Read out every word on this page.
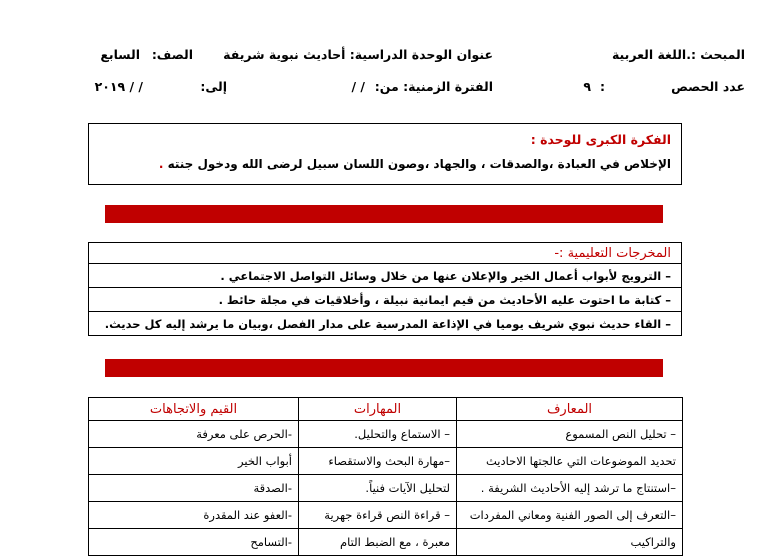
المبحث :.اللغة العربية
عنوان الوحدة الدراسية: أحاديث نبوية شريفة
الصف:
السابع
عدد الحصص
:
٩
الفترة الزمنية: من:
/ /
إلى:
/ / ٢٠١٩
الفكرة الكبرى للوحدة :
الإخلاص في العبادة ،والصدقات ، والجهاد ،وصون اللسان سبيل لرضى الله ودخول جنته .
المخرجات التعليمية :-
– الترويج لأبواب أعمال الخير والإعلان عنها من خلال وسائل التواصل الاجتماعي .
– كتابة ما احتوت عليه الأحاديث من قيم ايمانية نبيلة ، وأخلاقيات في مجلة حائط .
– القاء حديث نبوي شريف يوميا في الإذاعة المدرسية على مدار الفصل ،وبيان ما يرشد إليه كل حديث.
المعارف	المهارات	القيم والاتجاهات
– تحليل النص المسموع	– الاستماع والتحليل.	-الحرص على معرفة
تحديد الموضوعات التي عالجتها الاحاديث	–مهارة البحث والاستقصاء	أبواب الخير
–استنتاج ما ترشد إليه الأحاديث الشريفة .	لتحليل الآيات فنياً.	-الصدقة
–التعرف إلى الصور الفنية ومعاني المفردات	– قراءة النص قراءة جهرية	-العفو عند المقدرة
والتراكيب	معبرة ، مع الضبط التام	-التسامح
